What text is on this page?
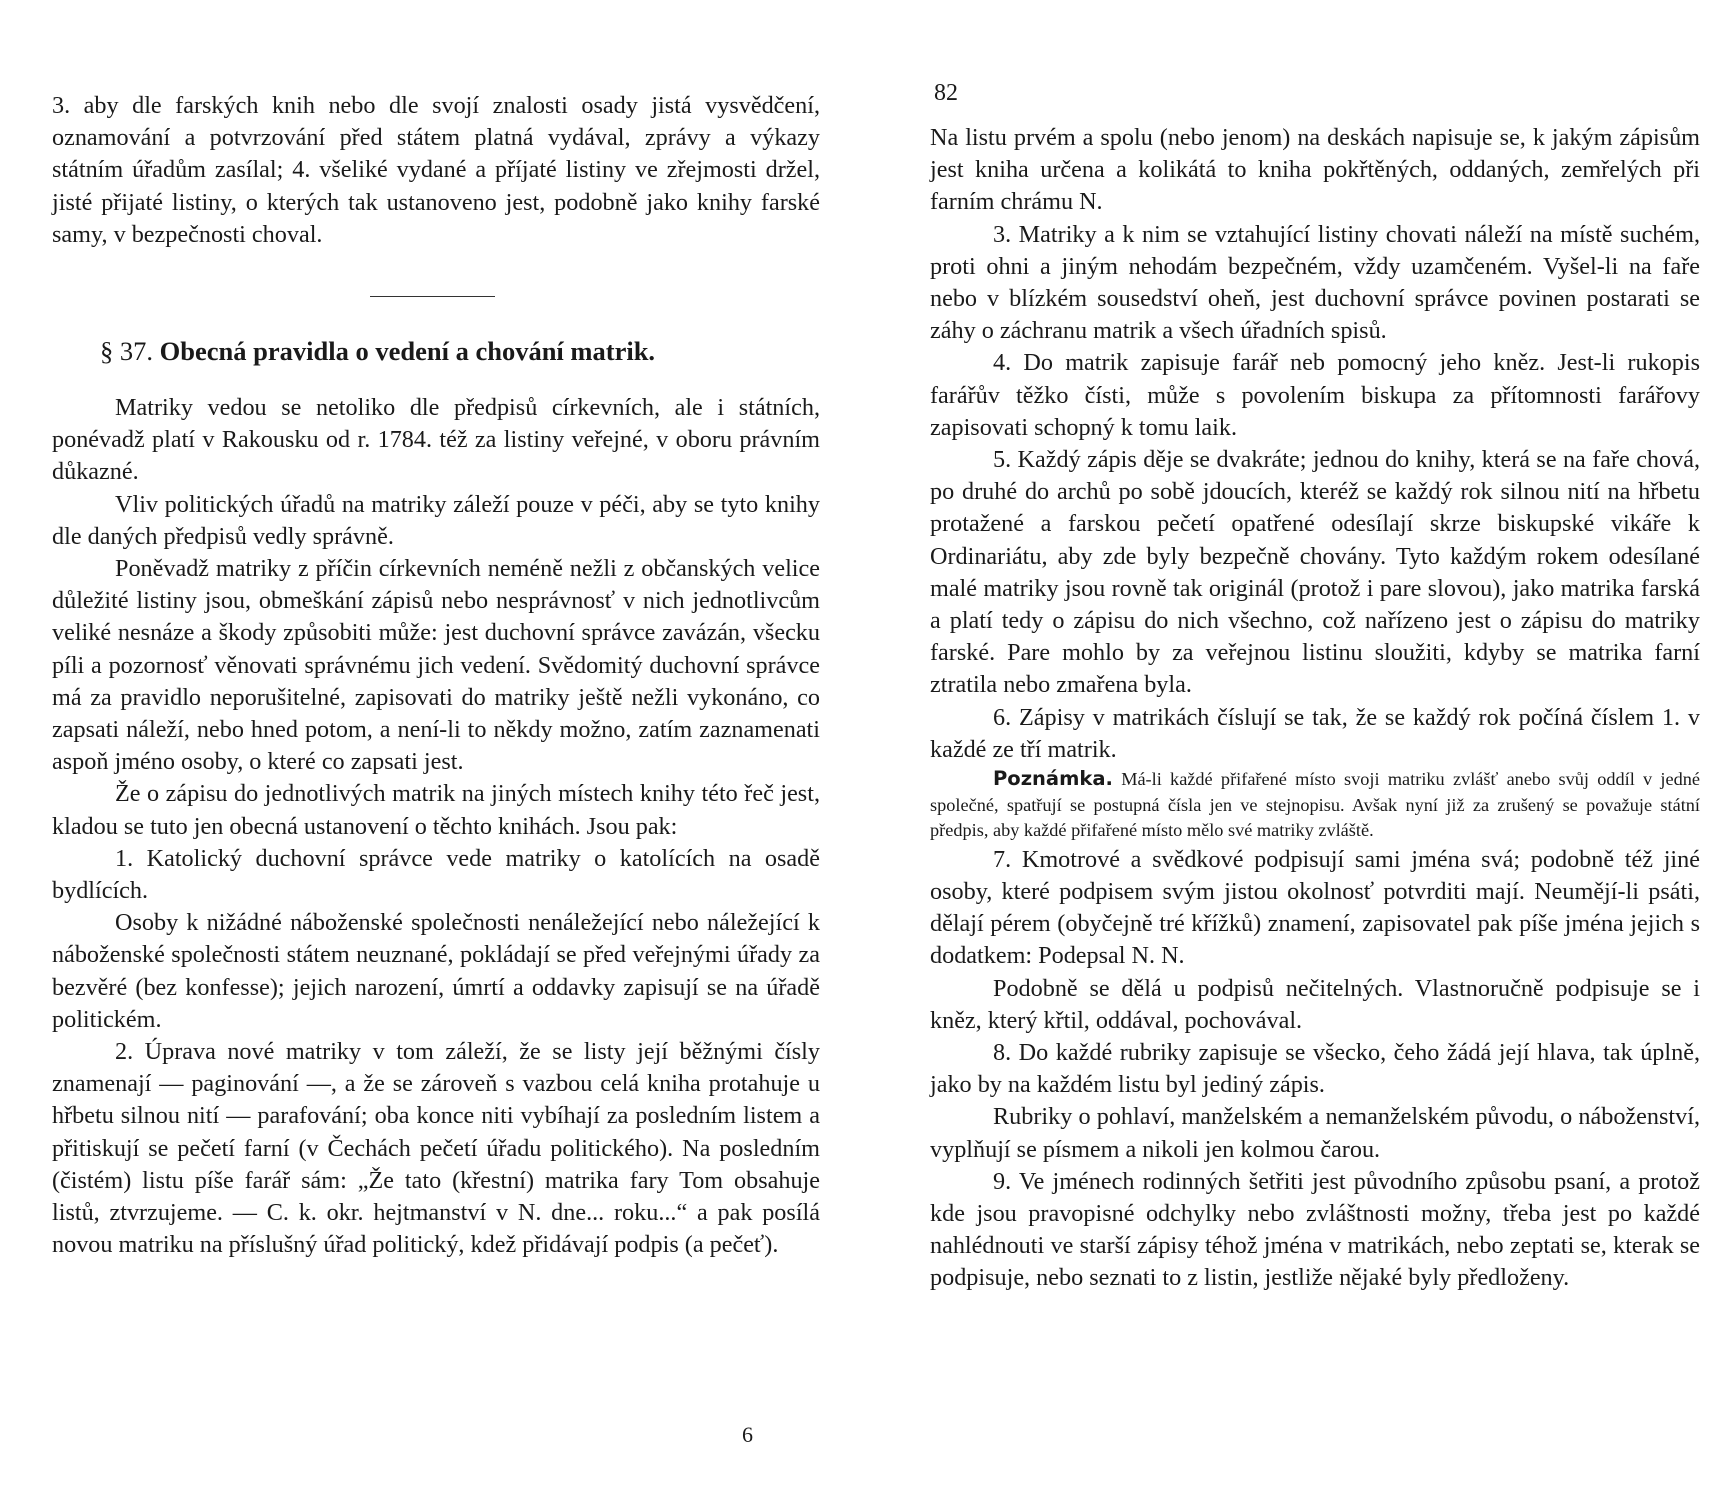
3. aby dle farských knih nebo dle svojí znalosti osady jistá vysvědčení, oznamování a potvrzování před státem platná vydával, zprávy a výkazy státním úřadům zasílal; 4. všeliké vydané a příjaté listiny ve zřejmosti držel, jisté přijaté listiny, o kterých tak ustanoveno jest, podobně jako knihy farské samy, v bezpečnosti choval.

§ 37. Obecná pravidla o vedení a chování matrik.

Matriky vedou se netoliko dle předpisů církevních, ale i státních, ponévadž platí v Rakousku od r. 1784. též za listiny veřejné, v oboru právním důkazné.

Vliv politických úřadů na matriky záleží pouze v péči, aby se tyto knihy dle daných předpisů vedly správně.

Poněvadž matriky z příčin církevních neméně nežli z občanských velice důležité listiny jsou, obmeškání zápisů nebo nesprávnosť v nich jednotlivcům veliké nesnáze a škody způsobiti může: jest duchovní správce zavázán, všecku píli a pozornosť věnovati správnému jich vedení. Svědomitý duchovní správce má za pravidlo neporušitelné, zapisovati do matriky ještě nežli vykonáno, co zapsati náleží, nebo hned potom, a není-li to někdy možno, zatím zaznamenati aspoň jméno osoby, o které co zapsati jest.

Že o zápisu do jednotlivých matrik na jiných místech knihy této řeč jest, kladou se tuto jen obecná ustanovení o těchto knihách. Jsou pak:

1. Katolický duchovní správce vede matriky o katolících na osadě bydlících.

Osoby k nižádné náboženské společnosti nenáležející nebo náležející k náboženské společnosti státem neuznané, pokládají se před veřejnými úřady za bezvěré (bez konfesse); jejich narození, úmrtí a oddavky zapisují se na úřadě politickém.

2. Úprava nové matriky v tom záleží, že se listy její běžnými čísly znamenají — paginování —, a že se zároveň s vazbou celá kniha protahuje u hřbetu silnou nití — parafování; oba konce niti vybíhají za posledním listem a přitiskují se pečetí farní (v Čechách pečetí úřadu politického). Na posledním (čistém) listu píše farář sám: „Že tato (křestní) matrika fary Tom obsahuje listů, ztvrzujeme. — C. k. okr. hejtmanství v N. dne... roku...“ a pak posílá novou matriku na příslušný úřad politický, kdež přidávají podpis (a pečeť).

6
82

Na listu prvém a spolu (nebo jenom) na deskách napisuje se, k jakým zápisům jest kniha určena a kolikátá to kniha pokřtěných, oddaných, zemřelých při farním chrámu N.

3. Matriky a k nim se vztahující listiny chovati náleží na místě suchém, proti ohni a jiným nehodám bezpečném, vždy uzamčeném. Vyšel-li na faře nebo v blízkém sousedství oheň, jest duchovní správce povinen postarati se záhy o záchranu matrik a všech úřadních spisů.

4. Do matrik zapisuje farář neb pomocný jeho kněz. Jest-li rukopis farářův těžko čísti, může s povolením biskupa za přítomnosti farářovy zapisovati schopný k tomu laik.

5. Každý zápis děje se dvakráte; jednou do knihy, která se na faře chová, po druhé do archů po sobě jdoucích, kteréž se každý rok silnou nití na hřbetu protažené a farskou pečetí opatřené odesílají skrze biskupské vikáře k Ordinariátu, aby zde byly bezpečně chovány. Tyto každým rokem odesílané malé matriky jsou rovně tak originál (protož i pare slovou), jako matrika farská a platí tedy o zápisu do nich všechno, což nařízeno jest o zápisu do matriky farské. Pare mohlo by za veřejnou listinu sloužiti, kdyby se matrika farní ztratila nebo zmařena byla.

6. Zápisy v matrikách číslují se tak, že se každý rok počíná číslem 1. v každé ze tří matrik.

Poznámka. Má-li každé přifařené místo svoji matriku zvlášť anebo svůj oddíl v jedné společné, spatřují se postupná čísla jen ve stejnopisu. Avšak nyní již za zrušený se považuje státní předpis, aby každé přifařené místo mělo své matriky zvláště.

7. Kmotrové a svědkové podpisují sami jména svá; podobně též jiné osoby, které podpisem svým jistou okolnosť potvrditi mají. Neumějí-li psáti, dělají pérem (obyčejně tré křížků) znamení, zapisovatel pak píše jména jejich s dodatkem: Podepsal N. N.

Podobně se dělá u podpisů nečitelných. Vlastnoručně podpisuje se i kněz, který křtil, oddával, pochovával.

8. Do každé rubriky zapisuje se všecko, čeho žádá její hlava, tak úplně, jako by na každém listu byl jediný zápis.

Rubriky o pohlaví, manželském a nemanželském původu, o náboženství, vyplňují se písmem a nikoli jen kolmou čarou.

9. Ve jménech rodinných šetřiti jest původního způsobu psaní, a protož kde jsou pravopisné odchylky nebo zvláštnosti možny, třeba jest po každé nahlédnouti ve starší zápisy téhož jména v matrikách, nebo zeptati se, kterak se podpisuje, nebo seznati to z listin, jestliže nějaké byly předloženy.
